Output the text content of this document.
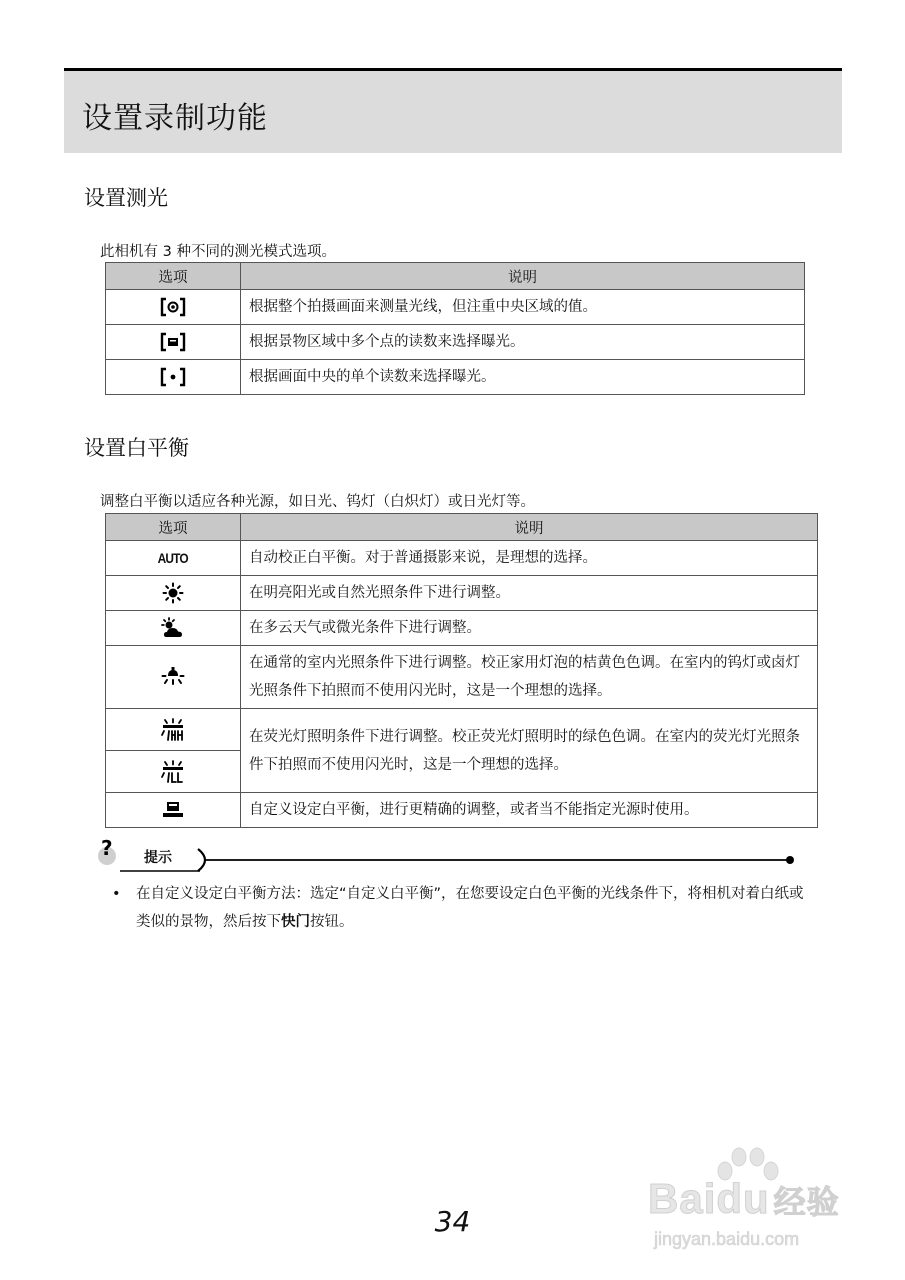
设置录制功能
设置测光

此相机有 3 种不同的测光模式选项。

选项	说明
	根据整个拍摄画面来测量光线，但注重中央区域的值。
	根据景物区域中多个点的读数来选择曝光。
	根据画面中央的单个读数来选择曝光。
设置白平衡

调整白平衡以适应各种光源，如日光、钨灯（白炽灯）或日光灯等。

选项	说明
AUTO	自动校正白平衡。对于普通摄影来说，是理想的选择。
	在明亮阳光或自然光照条件下进行调整。
	在多云天气或微光条件下进行调整。
	在通常的室内光照条件下进行调整。校正家用灯泡的桔黄色色调。在室内的钨灯或卤灯光照条件下拍照而不使用闪光时，这是一个理想的选择。
	在荧光灯照明条件下进行调整。校正荧光灯照明时的绿色色调。在室内的荧光灯光照条件下拍照而不使用闪光时，这是一个理想的选择。

	自定义设定白平衡，进行更精确的调整，或者当不能指定光源时使用。
? 提示
• 在自定义设定白平衡方法：选定“自定义白平衡”，在您要设定白色平衡的光线条件下，将相机对着白纸或类似的景物，然后按下快门按钮。
Baidu 经验
jingyan.baidu.com
34
